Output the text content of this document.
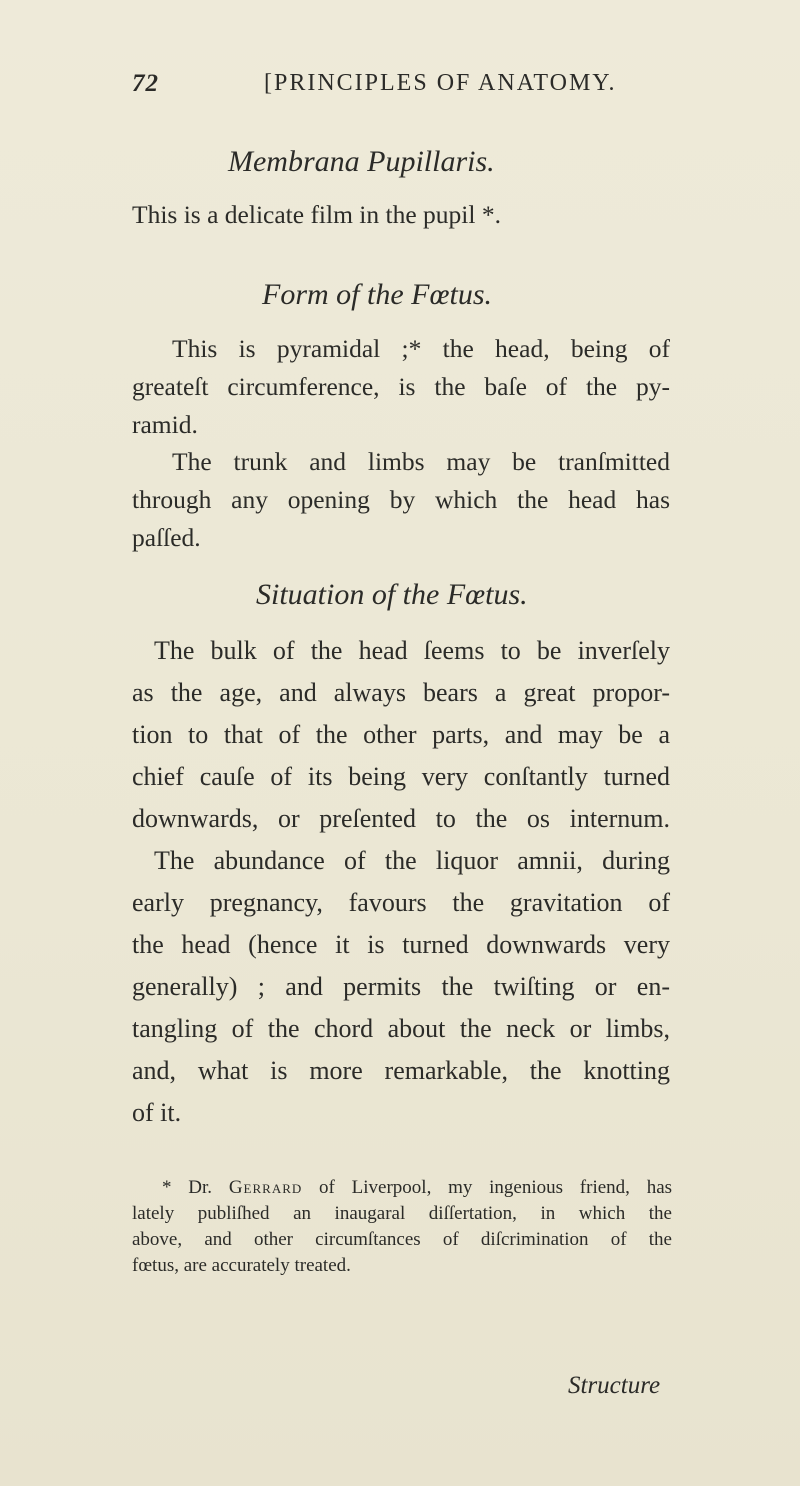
72	[PRINCIPLES OF ANATOMY.
Membrana Pupillaris.

This is a delicate film in the pupil *.

Form of the Fœtus.

This is pyramidal ;* the head, being of
greateſt circumference, is the baſe of the py-
ramid.

The trunk and limbs may be tranſmitted
through any opening by which the head has
paſſed.

Situation of the Fœtus.

The bulk of the head ſeems to be inverſely
as the age, and always bears a great propor-
tion to that of the other parts, and may be a
chief cauſe of its being very conſtantly turned
downwards, or preſented to the os internum.
The abundance of the liquor amnii, during
early pregnancy, favours the gravitation of
the head (hence it is turned downwards very
generally) ; and permits the twiſting or en-
tangling of the chord about the neck or limbs,
and, what is more remarkable, the knotting
of it.

* Dr. Gerrard of Liverpool, my ingenious friend, has
lately publiſhed an inaugaral diſſertation, in which the
above, and other circumſtances of diſcrimination of the
fœtus, are accurately treated.

Structure
